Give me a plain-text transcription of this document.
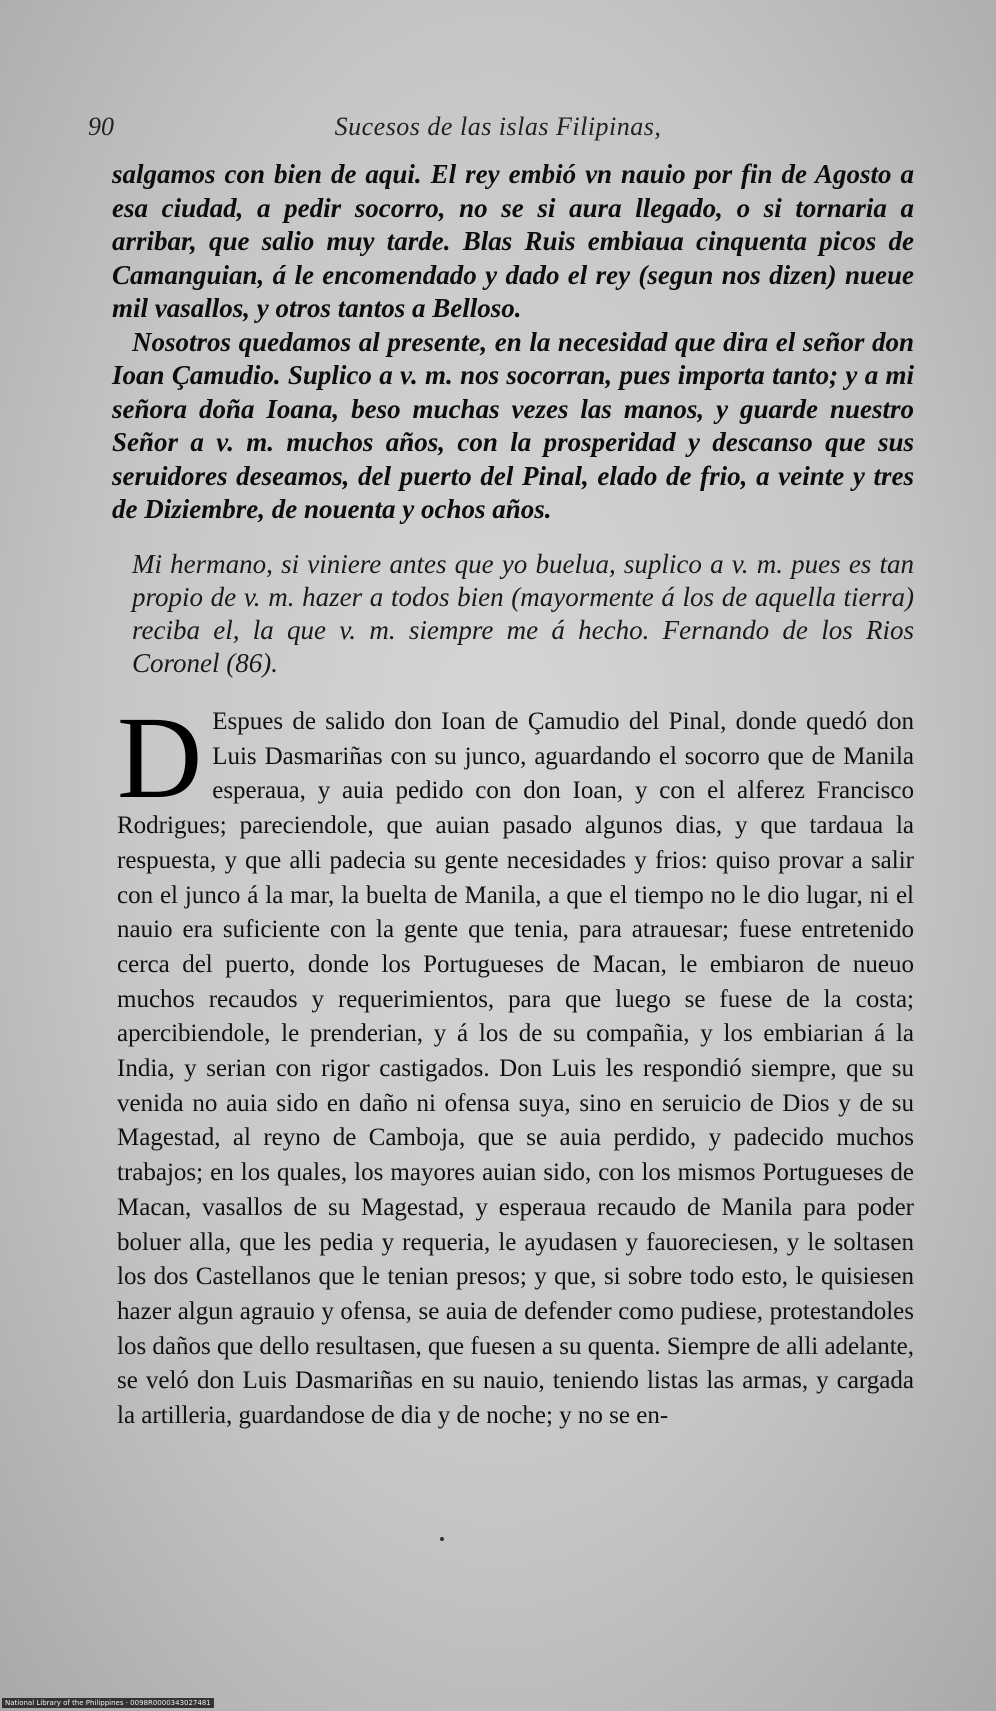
90	Sucesos de las islas Filipinas,

salgamos con bien de aqui. El rey embió vn nauio por fin de Agosto a esa ciudad, a pedir socorro, no se si aura llegado, o si tornaria a arribar, que salio muy tarde. Blas Ruis embiaua cinquenta picos de Camanguian, á le encomendado y dado el rey (segun nos dizen) nueue mil vasallos, y otros tantos a Belloso.

Nosotros quedamos al presente, en la necesidad que dira el señor don Ioan Çamudio. Suplico a v. m. nos socorran, pues importa tanto; y a mi señora doña Ioana, beso muchas vezes las manos, y guarde nuestro Señor a v. m. muchos años, con la prosperidad y descanso que sus seruidores deseamos, del puerto del Pinal, elado de frio, a veinte y tres de Diziembre, de nouenta y ochos años.

Mi hermano, si viniere antes que yo buelua, suplico a v. m. pues es tan propio de v. m. hazer a todos bien (mayormente á los de aquella tierra) reciba el, la que v. m. siempre me á hecho. Fernando de los Rios Coronel (86).

D Espues de salido don Ioan de Çamudio del Pinal, donde quedó don Luis Dasmariñas con su junco, aguardando el socorro que de Manila esperaua, y auia pedido con don Ioan, y con el alferez Francisco Rodrigues; pareciendole, que auian pasado algunos dias, y que tardaua la respuesta, y que alli padecia su gente necesidades y frios: quiso provar a salir con el junco á la mar, la buelta de Manila, a que el tiempo no le dio lugar, ni el nauio era suficiente con la gente que tenia, para atrauesar; fuese entretenido cerca del puerto, donde los Portugueses de Macan, le embiaron de nueuo muchos recaudos y requerimientos, para que luego se fuese de la costa; apercibiendole, le prenderian, y á los de su compañia, y los embiarian á la India, y serian con rigor castigados. Don Luis les respondió siempre, que su venida no auia sido en daño ni ofensa suya, sino en seruicio de Dios y de su Magestad, al reyno de Camboja, que se auia perdido, y padecido muchos trabajos; en los quales, los mayores auian sido, con los mismos Portugueses de Macan, vasallos de su Magestad, y esperaua recaudo de Manila para poder boluer alla, que les pedia y requeria, le ayudasen y fauoreciesen, y le soltasen los dos Castellanos que le tenian presos; y que, si sobre todo esto, le quisiesen hazer algun agrauio y ofensa, se auia de defender como pudiese, protestandoles los daños que dello resultasen, que fuesen a su quenta. Siempre de alli adelante, se veló don Luis Dasmariñas en su nauio, teniendo listas las armas, y cargada la artilleria, guardandose de dia y de noche; y no se en-

National Library of the Philippines · 0098R0000343027481
